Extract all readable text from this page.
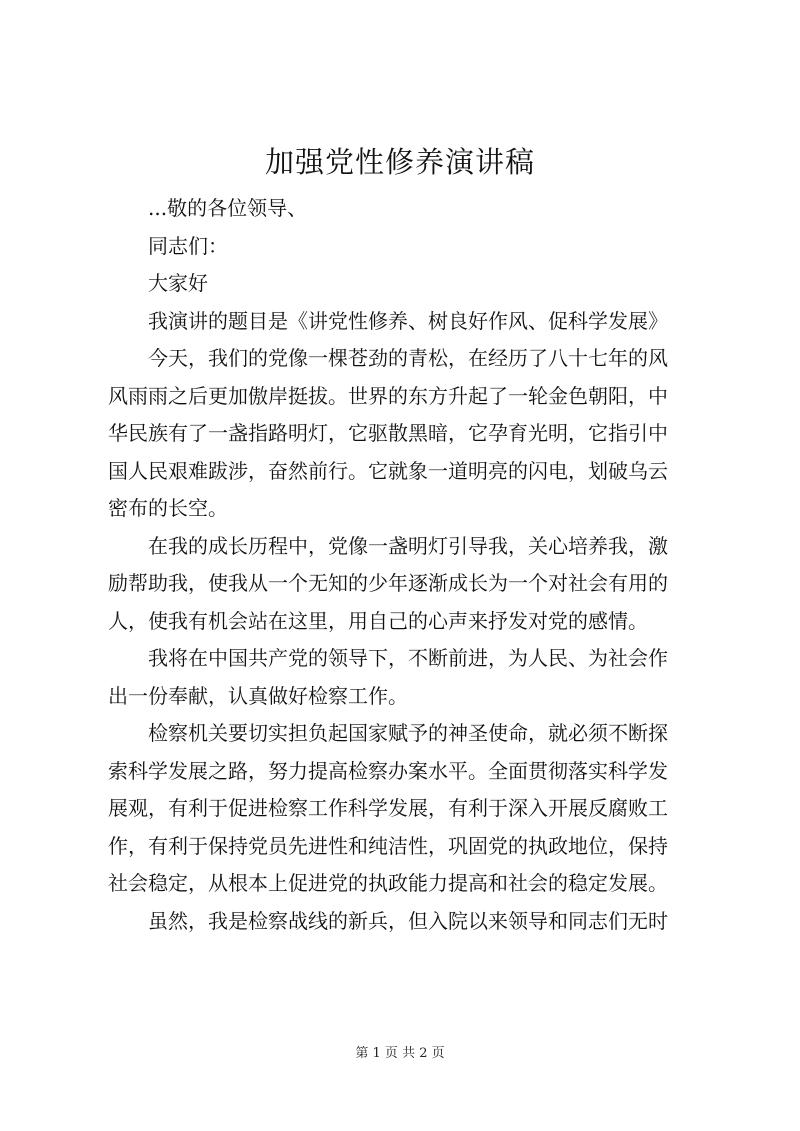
加强党性修养演讲稿
...敬的各位领导、
同志们：
大家好
我演讲的题目是《讲党性修养、树良好作风、促科学发展》
今天，我们的党像一棵苍劲的青松，在经历了八十七年的风
风雨雨之后更加傲岸挺拔。世界的东方升起了一轮金色朝阳，中
华民族有了一盏指路明灯，它驱散黑暗，它孕育光明，它指引中
国人民艰难跋涉，奋然前行。它就象一道明亮的闪电，划破乌云
密布的长空。
在我的成长历程中，党像一盏明灯引导我，关心培养我，激
励帮助我，使我从一个无知的少年逐渐成长为一个对社会有用的
人，使我有机会站在这里，用自己的心声来抒发对党的感情。
我将在中国共产党的领导下，不断前进，为人民、为社会作
出一份奉献，认真做好检察工作。
检察机关要切实担负起国家赋予的神圣使命，就必须不断探
索科学发展之路，努力提高检察办案水平。全面贯彻落实科学发
展观，有利于促进检察工作科学发展，有利于深入开展反腐败工
作，有利于保持党员先进性和纯洁性，巩固党的执政地位，保持
社会稳定，从根本上促进党的执政能力提高和社会的稳定发展。
虽然，我是检察战线的新兵，但入院以来领导和同志们无时
第 1 页 共 2 页
